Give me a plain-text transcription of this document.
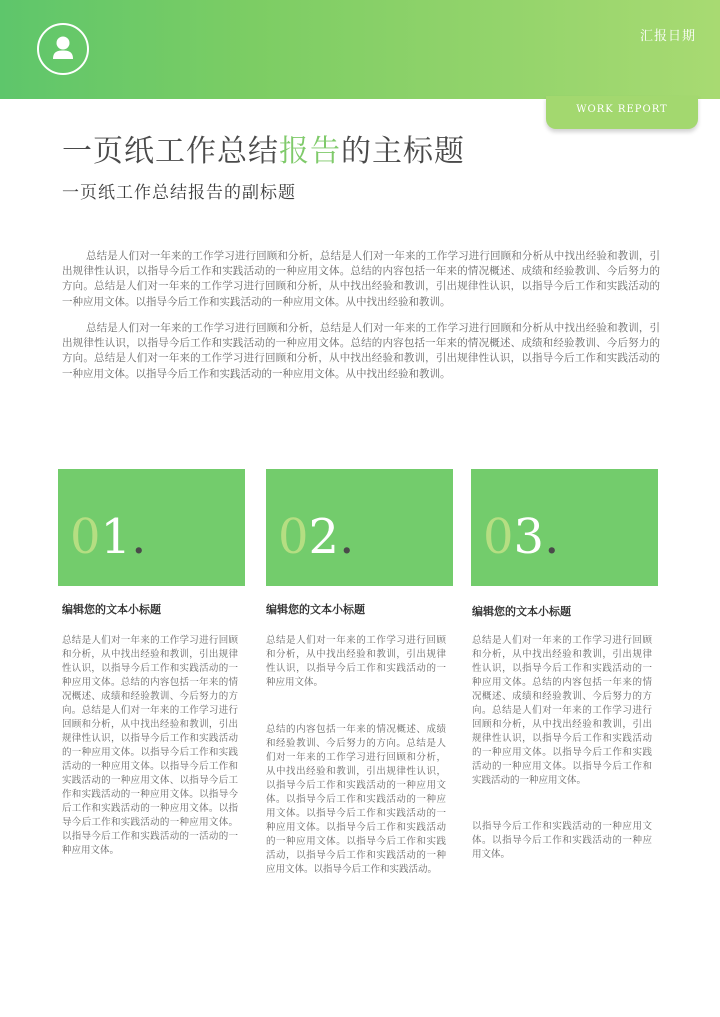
汇报日期
WORK REPORT
一页纸工作总结报告的主标题
一页纸工作总结报告的副标题

总结是人们对一年来的工作学习进行回顾和分析，总结是人们对一年来的工作学习进行回顾和分析从中找出经验和教训，引出规律性认识，以指导今后工作和实践活动的一种应用文体。总结的内容包括一年来的情况概述、成绩和经验教训、今后努力的方向。总结是人们对一年来的工作学习进行回顾和分析，从中找出经验和教训，引出规律性认识，以指导今后工作和实践活动的一种应用文体。以指导今后工作和实践活动的一种应用文体。从中找出经验和教训。

总结是人们对一年来的工作学习进行回顾和分析，总结是人们对一年来的工作学习进行回顾和分析从中找出经验和教训，引出规律性认识，以指导今后工作和实践活动的一种应用文体。总结的内容包括一年来的情况概述、成绩和经验教训、今后努力的方向。总结是人们对一年来的工作学习进行回顾和分析，从中找出经验和教训，引出规律性认识，以指导今后工作和实践活动的一种应用文体。以指导今后工作和实践活动的一种应用文体。从中找出经验和教训。

01.
编辑您的文本小标题

总结是人们对一年来的工作学习进行回顾和分析，从中找出经验和教训，引出规律性认识，以指导今后工作和实践活动的一种应用文体。总结的内容包括一年来的情况概述、成绩和经验教训、今后努力的方向。总结是人们对一年来的工作学习进行回顾和分析，从中找出经验和教训，引出规律性认识，以指导今后工作和实践活动的一种应用文体。以指导今后工作和实践活动的一种应用文体。以指导今后工作和实践活动的一种应用文体、以指导今后工作和实践活动的一种应用文体。以指导今后工作和实践活动的一种应用文体。以指导今后工作和实践活动的一种应用文体。以指导今后工作和实践活动的一活动的一种应用文体。

02.
编辑您的文本小标题

总结是人们对一年来的工作学习进行回顾和分析，从中找出经验和教训，引出规律性认识，以指导今后工作和实践活动的一种应用文体。

总结的内容包括一年来的情况概述、成绩和经验教训、今后努力的方向。总结是人们对一年来的工作学习进行回顾和分析，从中找出经验和教训，引出规律性认识，以指导今后工作和实践活动的一种应用文体。以指导今后工作和实践活动的一种应用文体。以指导今后工作和实践活动的一种应用文体。以指导今后工作和实践活动的一种应用文体。以指导今后工作和实践活动，以指导今后工作和实践活动的一种应用文体。以指导今后工作和实践活动。

03.
编辑您的文本小标题

总结是人们对一年来的工作学习进行回顾和分析，从中找出经验和教训，引出规律性认识，以指导今后工作和实践活动的一种应用文体。总结的内容包括一年来的情况概述、成绩和经验教训、今后努力的方向。总结是人们对一年来的工作学习进行回顾和分析，从中找出经验和教训，引出规律性认识，以指导今后工作和实践活动的一种应用文体。以指导今后工作和实践活动的一种应用文体。以指导今后工作和实践活动的一种应用文体。

以指导今后工作和实践活动的一种应用文体。以指导今后工作和实践活动的一种应用文体。
